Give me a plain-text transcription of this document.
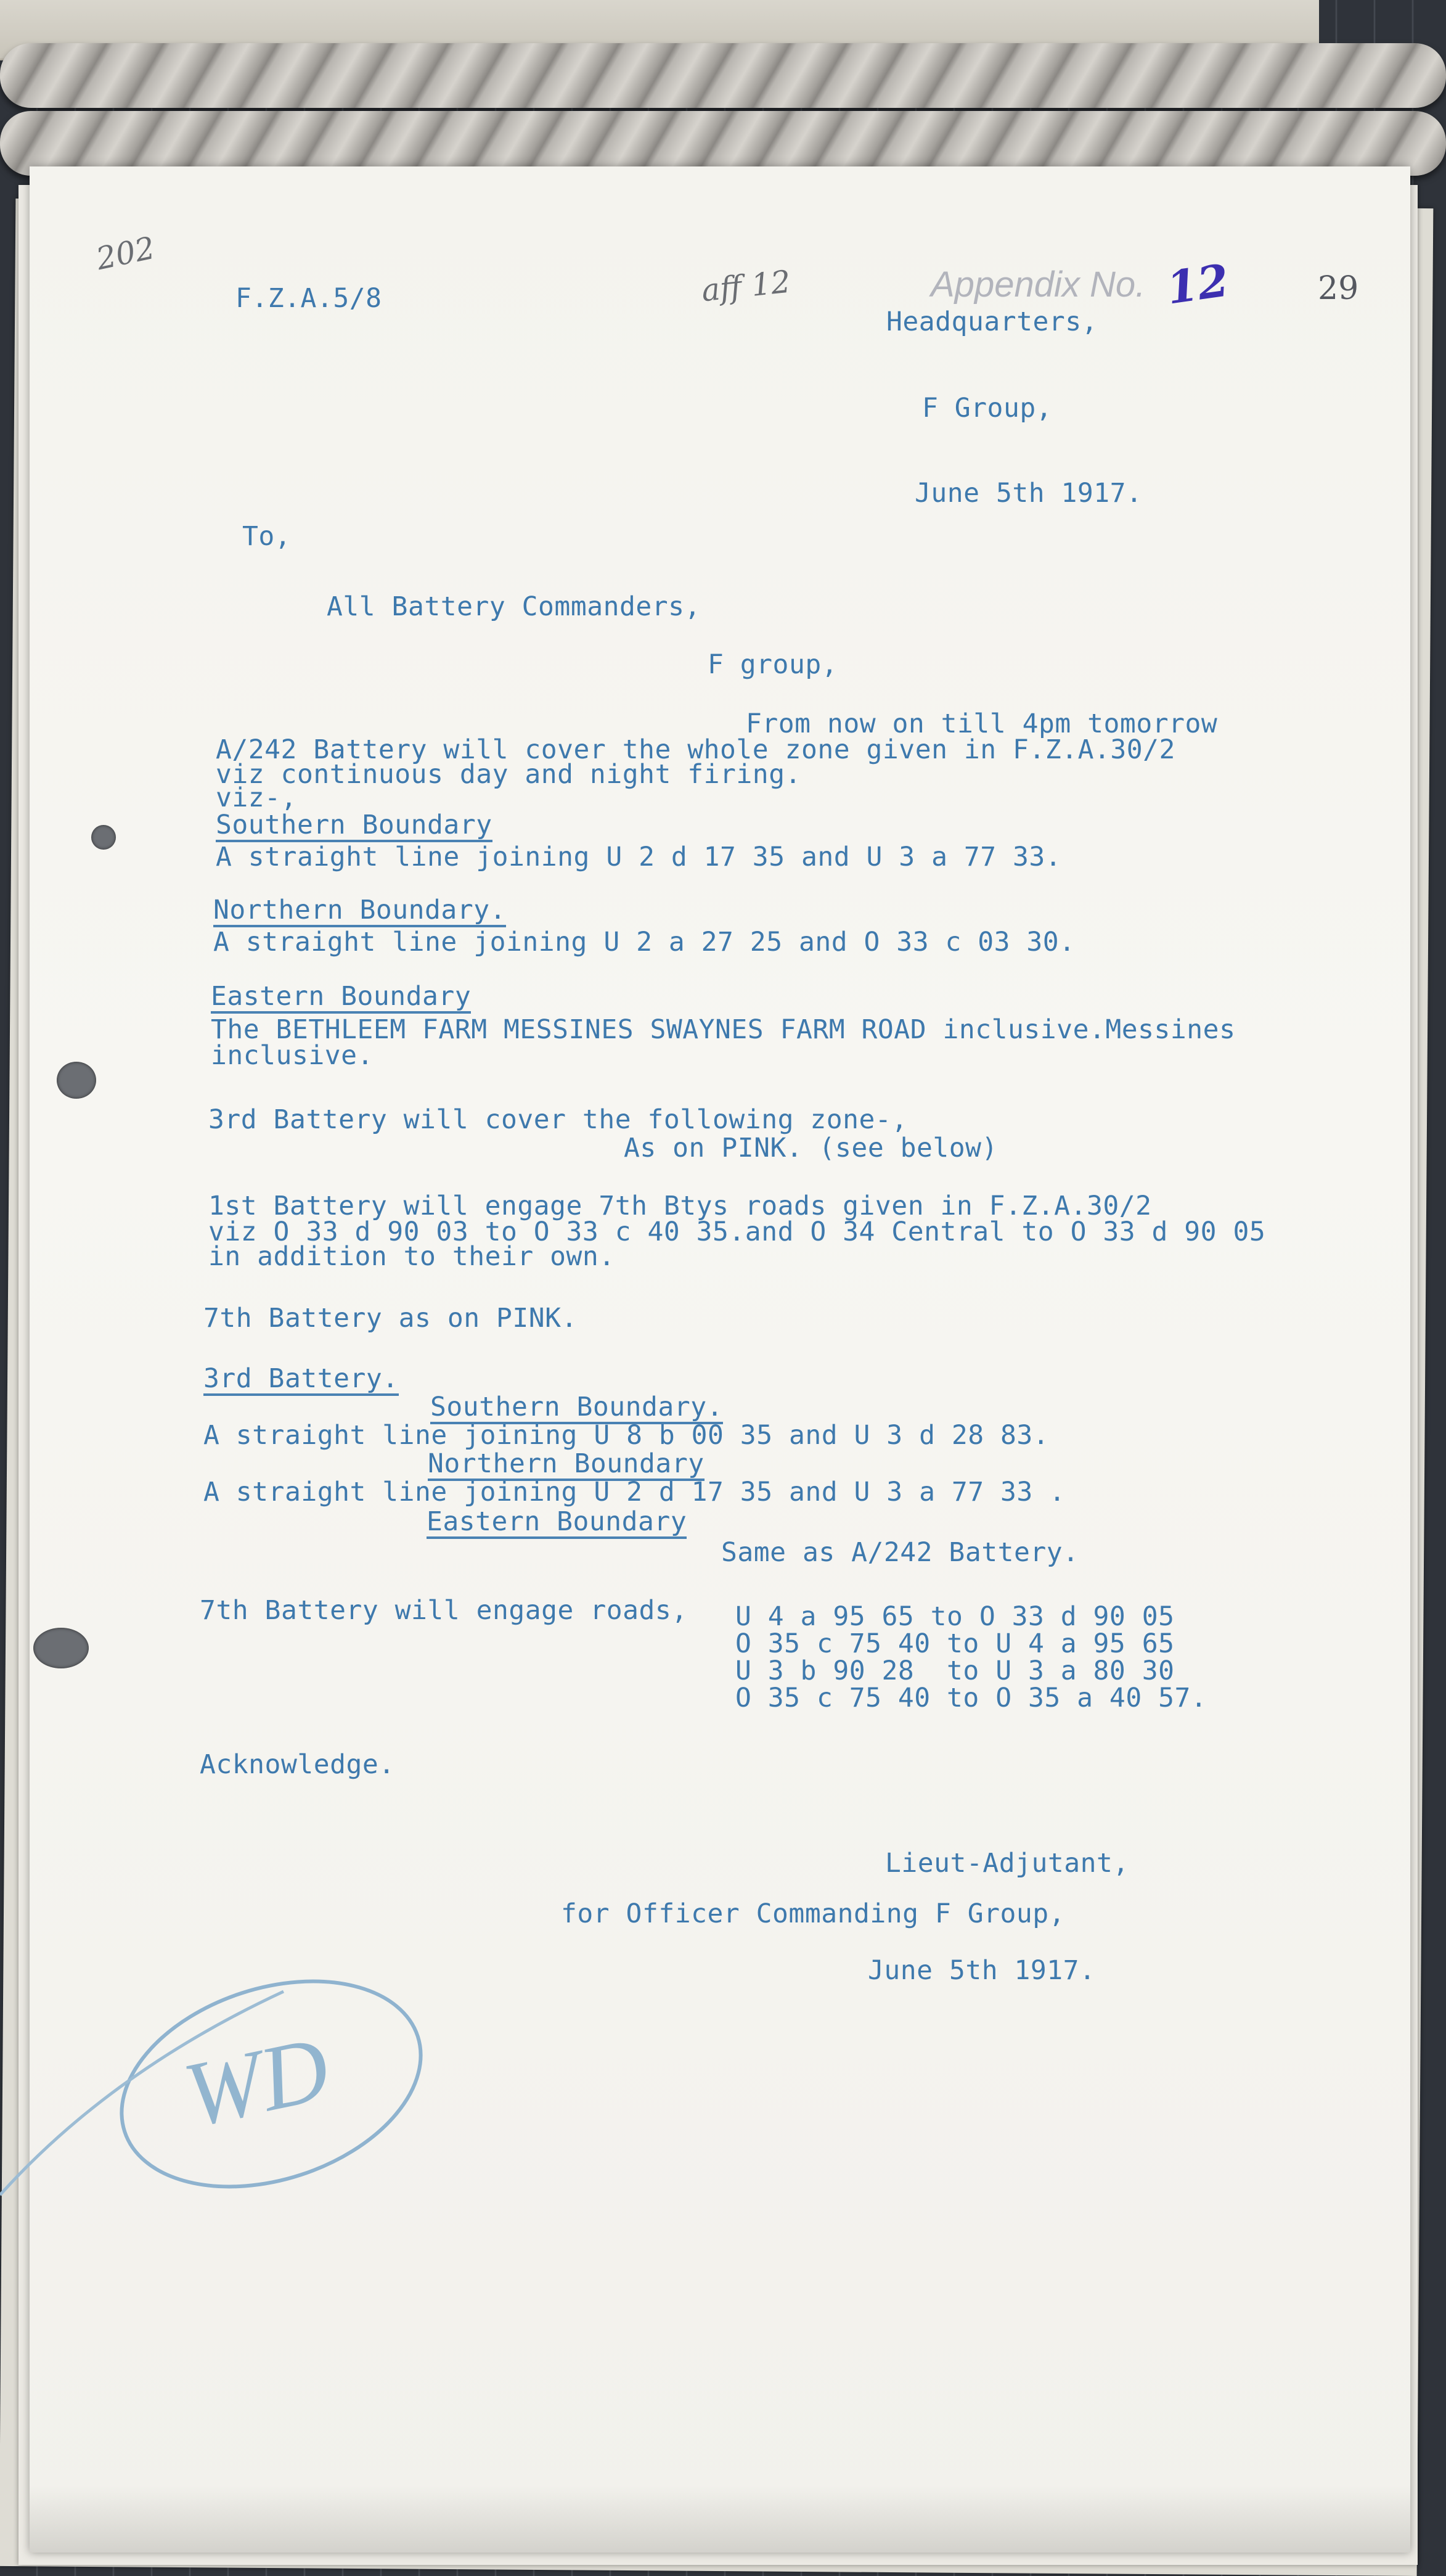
202
Appendix No. 12	29
aff 12
F.Z.A.5/8
Headquarters,
F Group,
June 5th 1917.
To,
All Battery Commanders,
F group,
From now on till 4pm tomorrow
A/242 Battery will cover the whole zone given in F.Z.A.30/2
viz continuous day and night firing.
viz-,
Southern Boundary
A straight line joining U 2 d 17 35 and U 3 a 77 33.
Northern Boundary.
A straight line joining U 2 a 27 25 and O 33 c 03 30.
Eastern Boundary
The BETHLEEM FARM MESSINES SWAYNES FARM ROAD inclusive.Messines
inclusive.
3rd Battery will cover the following zone-,
As on PINK. (see below)
1st Battery will engage 7th Btys roads given in F.Z.A.30/2
viz O 33 d 90 03 to O 33 c 40 35.and O 34 Central to O 33 d 90 05
in addition to their own.
7th Battery as on PINK.
3rd Battery.
Southern Boundary.
A straight line joining U 8 b 00 35 and U 3 d 28 83.
Northern Boundary
A straight line joining U 2 d 17 35 and U 3 a 77 33 .
Eastern Boundary
Same as A/242 Battery.
7th Battery will engage roads, U 4 a 95 65 to O 33 d 90 05
O 35 c 75 40 to U 4 a 95 65
U 3 b 90 28  to U 3 a 80 30
O 35 c 75 40 to O 35 a 40 57.
Acknowledge.
Lieut-Adjutant,
for Officer Commanding F Group,
June 5th 1917.
WD
